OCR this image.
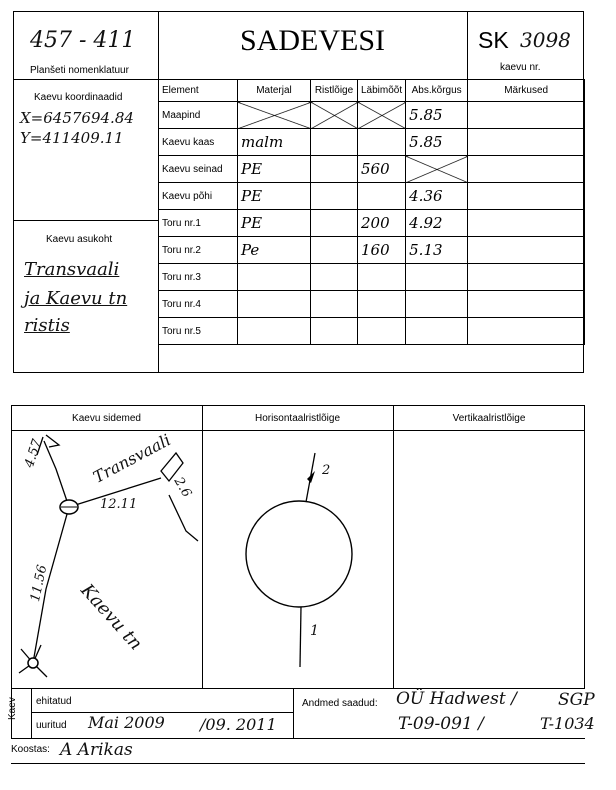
457 - 411
Planšeti nomenklatuur
SADEVESI	SK 3098
kaevu nr.
Kaevu koordinaadid
X=6457694.84
Y=411409.11
Kaevu asukoht
Transvaali
ja Kaevu tn
ristis
Element	Materjal	Ristlõige	Läbimõõt	Abs.kõrgus	Märkused
Maapind				5.85	
Kaevu kaas	malm			5.85	
Kaevu seinad	PE		560		
Kaevu põhi	PE			4.36	
Toru nr.1	PE		200	4.92	
Toru nr.2	Pe		160	5.13	
Toru nr.3					
Toru nr.4					
Toru nr.5					
Kaevu sidemed	Horisontaalristlõige	Vertikaalristlõige
4.57
12.11
2.6
11.56
Transvaali
Kaevu tn
2
1
Kaev ehitatud
uuritud Mai 2009 /09. 2011
Andmed saadud: OÜ Hadwest /
T-09-091 /
SGP
T-1034
Koostas: A Arikas
